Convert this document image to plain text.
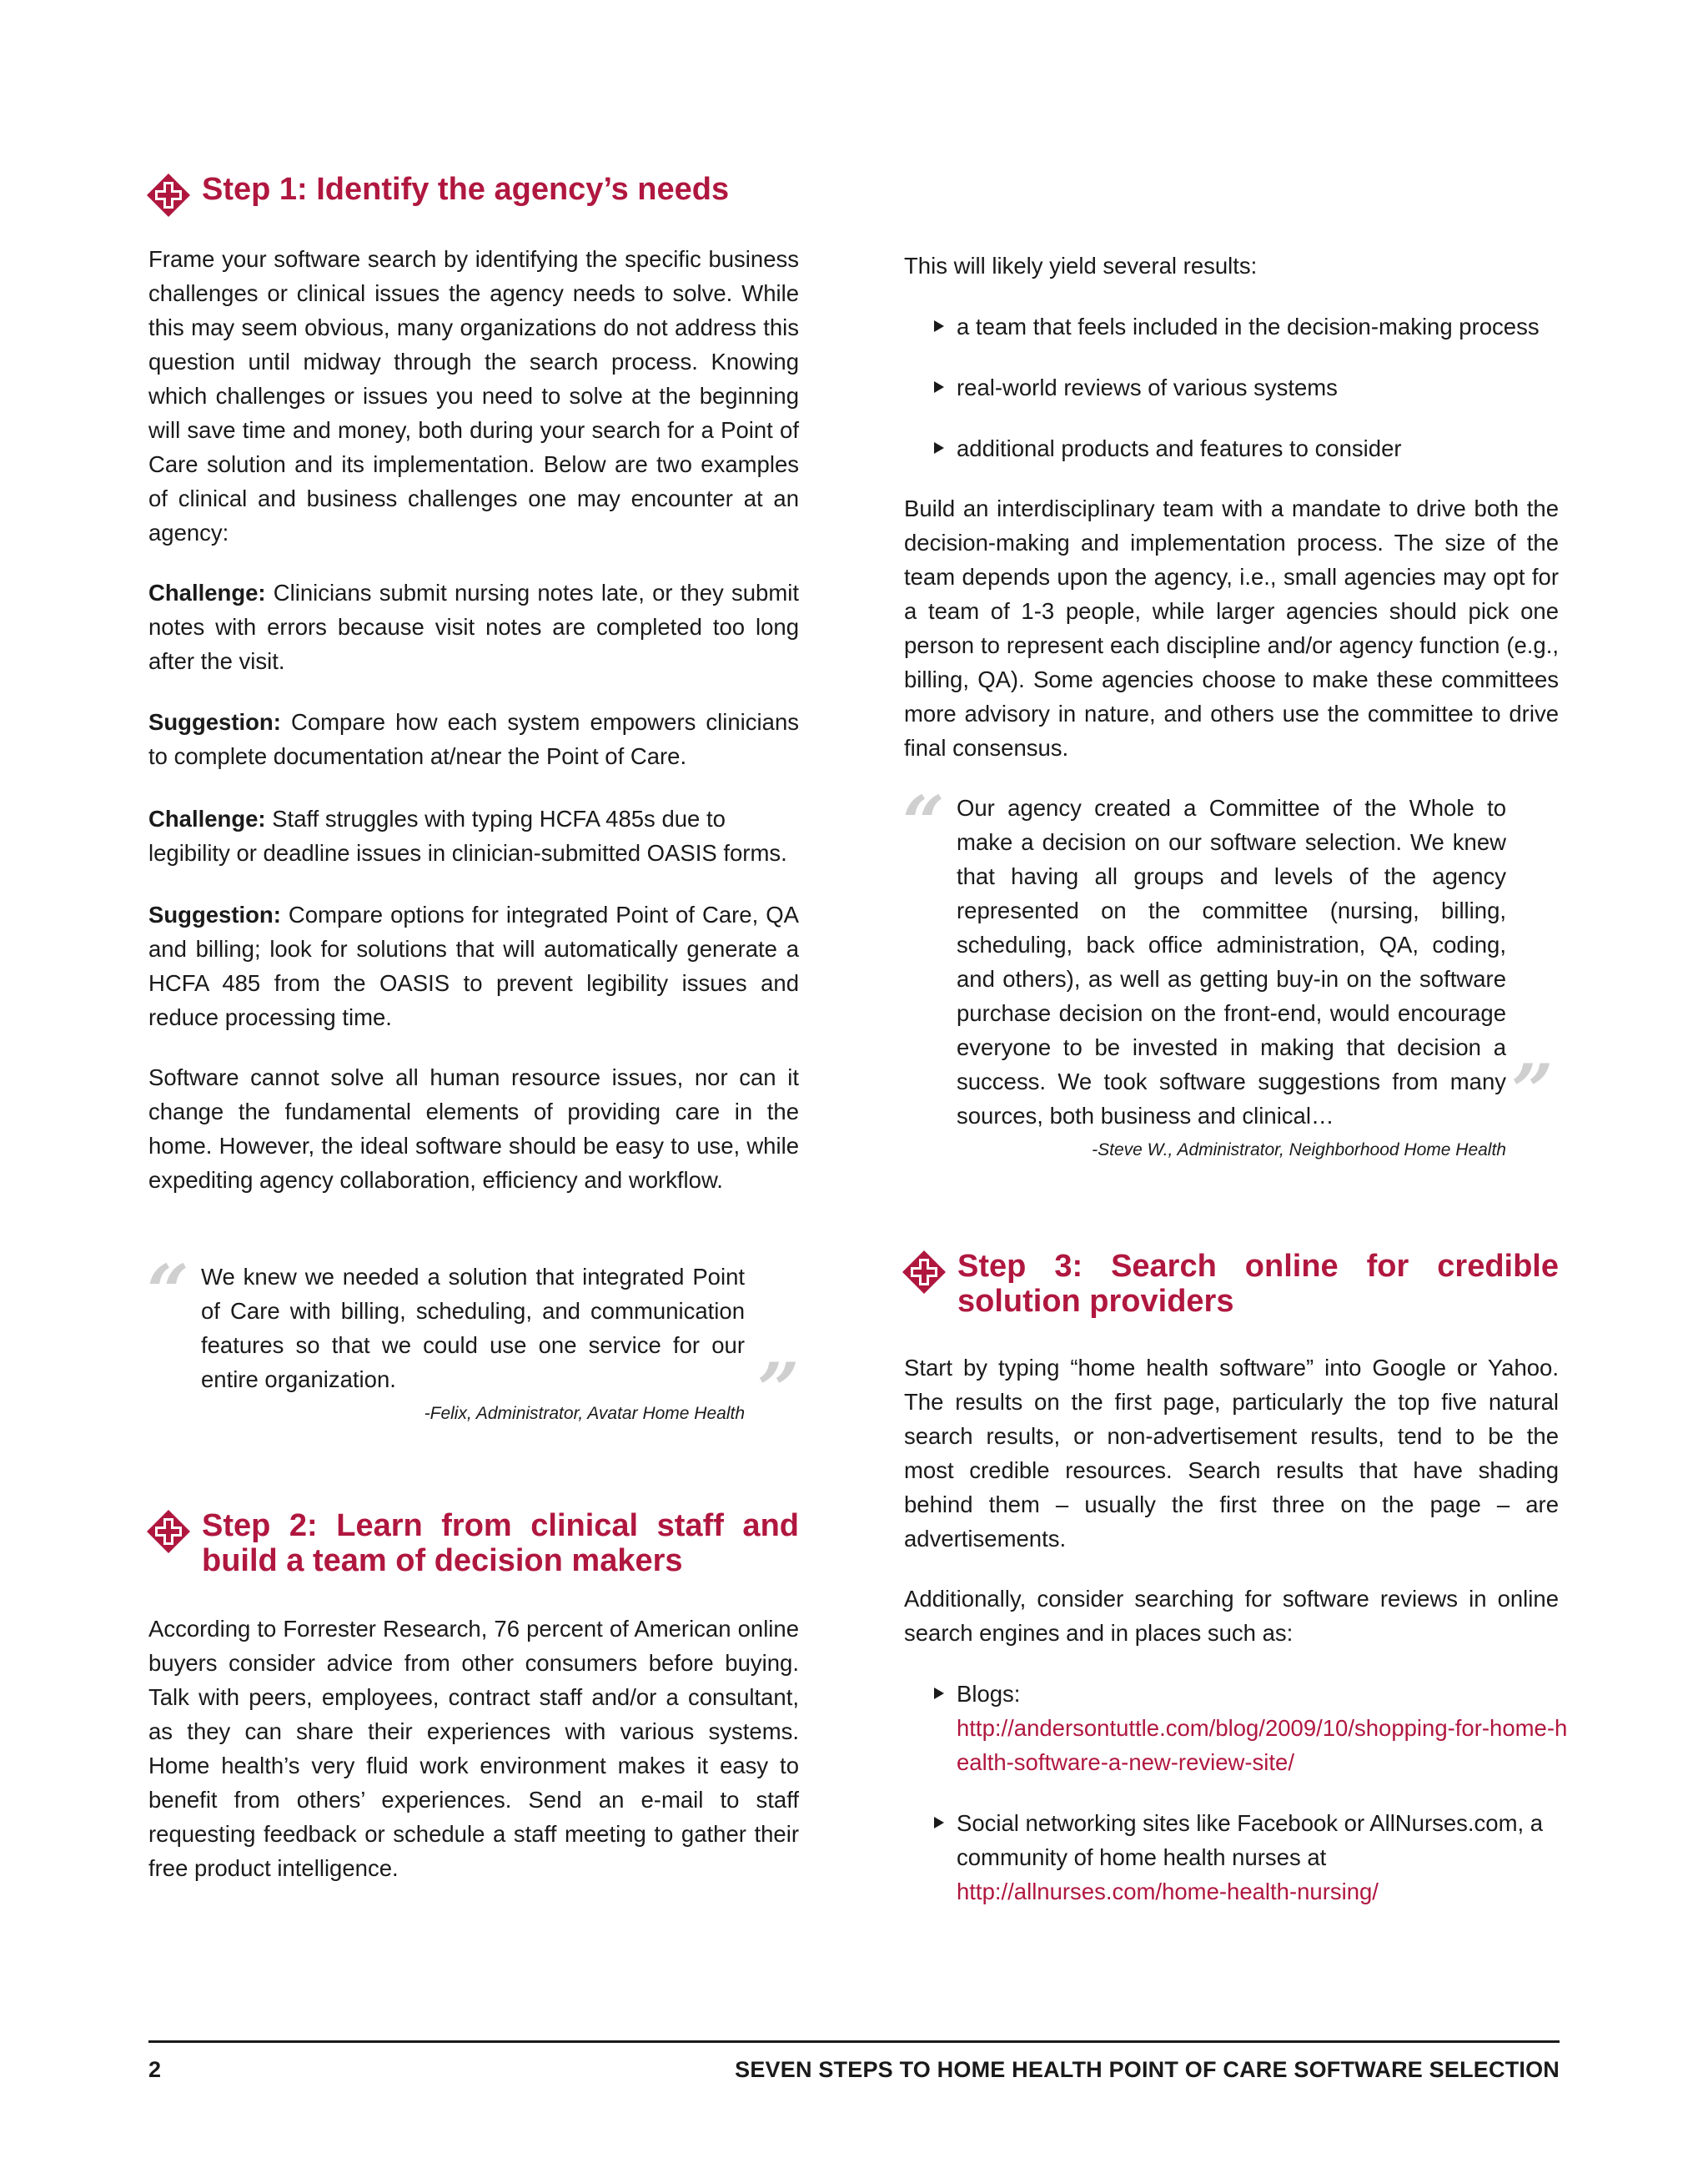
Step 1: Identify the agency’s needs

Frame your software search by identifying the specific business challenges or clinical issues the agency needs to solve. While this may seem obvious, many organizations do not address this question until midway through the search process. Knowing which challenges or issues you need to solve at the beginning will save time and money, both during your search for a Point of Care solution and its implementation. Below are two examples of clinical and business challenges one may encounter at an agency:

Challenge: Clinicians submit nursing notes late, or they submit notes with errors because visit notes are completed too long after the visit.

Suggestion: Compare how each system empowers clinicians to complete documentation at/near the Point of Care.

Challenge: Staff struggles with typing HCFA 485s due to legibility or deadline issues in clinician-submitted OASIS forms.

Suggestion: Compare options for integrated Point of Care, QA and billing; look for solutions that will automatically generate a HCFA 485 from the OASIS to prevent legibility issues and reduce processing time.

Software cannot solve all human resource issues, nor can it change the fundamental elements of providing care in the home. However, the ideal software should be easy to use, while expediting agency collaboration, efficiency and workflow.

“ We knew we needed a solution that integrated Point of Care with billing, scheduling, and communication features so that we could use one service for our entire organization.

-Felix, Administrator, Avatar Home Health ”

According to Forrester Research, 76 percent of American online buyers consider advice from other consumers before buying. Talk with peers, employees, contract staff and/or a consultant, as they can share their experiences with various systems. Home health’s very fluid work environment makes it easy to benefit from others’ experiences. Send an e-mail to staff requesting feedback or schedule a staff meeting to gather their free product intelligence.

Step 2: Learn from clinical staff and build a team of decision makers

This will likely yield several results:

a team that feels included in the decision-making process
real-world reviews of various systems
additional products and features to consider

Build an interdisciplinary team with a mandate to drive both the decision-making and implementation process. The size of the team depends upon the agency, i.e., small agencies may opt for a team of 1-3 people, while larger agencies should pick one person to represent each discipline and/or agency function (e.g., billing, QA). Some agencies choose to make these committees more advisory in nature, and others use the committee to drive final consensus.

“ Our agency created a Committee of the Whole to make a decision on our software selection. We knew that having all groups and levels of the agency represented on the committee (nursing, billing, scheduling, back office administration, QA, coding, and others), as well as getting buy-in on the software purchase decision on the front-end, would encourage everyone to be invested in making that decision a success. We took software suggestions from many sources, both business and clinical…

-Steve W., Administrator, Neighborhood Home Health

”

Start by typing “home health software” into Google or Yahoo. The results on the first page, particularly the top five natural search results, or non-advertisement results, tend to be the most credible resources. Search results that have shading behind them – usually the first three on the page – are advertisements.

Additionally, consider searching for software reviews in online search engines and in places such as:

Blogs:
http://andersontuttle.com/blog/2009/10/shopping-for-home-health-software-a-new-review-site/
Social networking sites like Facebook or AllNurses.com, a community of home health nurses at
http://allnurses.com/home-health-nursing/
Step 3: Search online for credible solution providers
2	SEVEN STEPS TO HOME HEALTH POINT OF CARE SOFTWARE SELECTION
